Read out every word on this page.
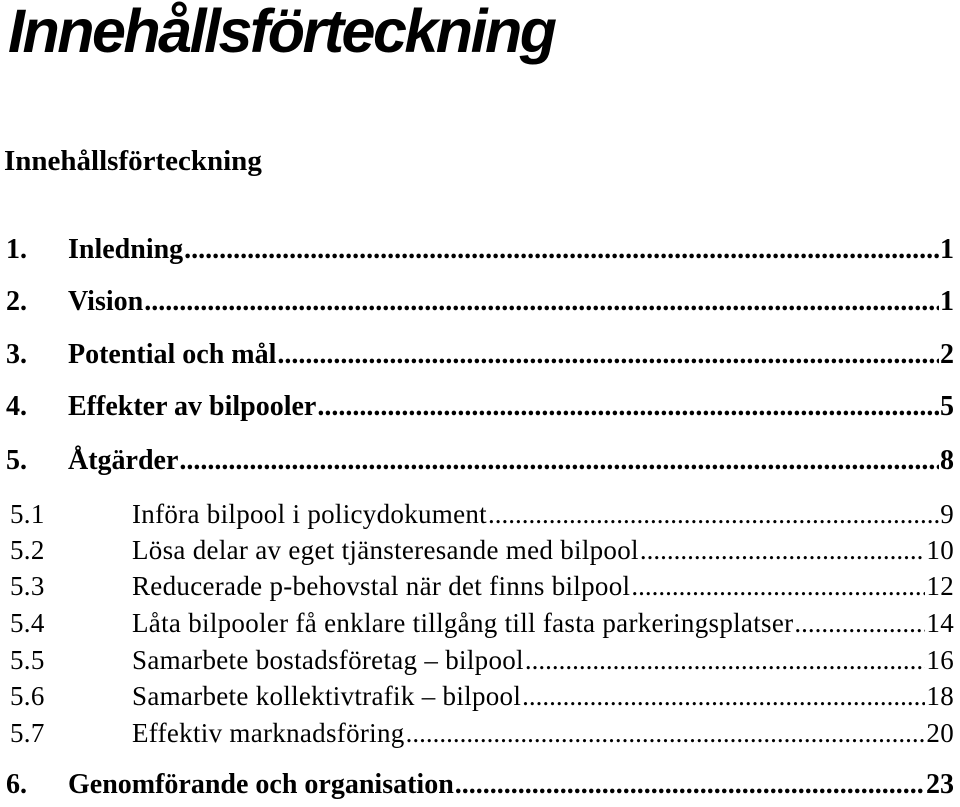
Innehållsförteckning
Innehållsförteckning
1. Inledning .....	1
2. Vision .....	1
3. Potential och mål .....	2
4. Effekter av bilpooler .....	5
5. Åtgärder .....	8
5.1	Införa bilpool i policydokument .....	9
5.2	Lösa delar av eget tjänsteresande med bilpool .....	10
5.3	Reducerade p-behovstal när det finns bilpool .....	12
5.4	Låta bilpooler få enklare tillgång till fasta parkeringsplatser .....	14
5.5	Samarbete bostadsföretag – bilpool .....	16
5.6	Samarbete kollektivtrafik – bilpool .....	18
5.7	Effektiv marknadsföring .....	20
6. Genomförande och organisation .....	23
